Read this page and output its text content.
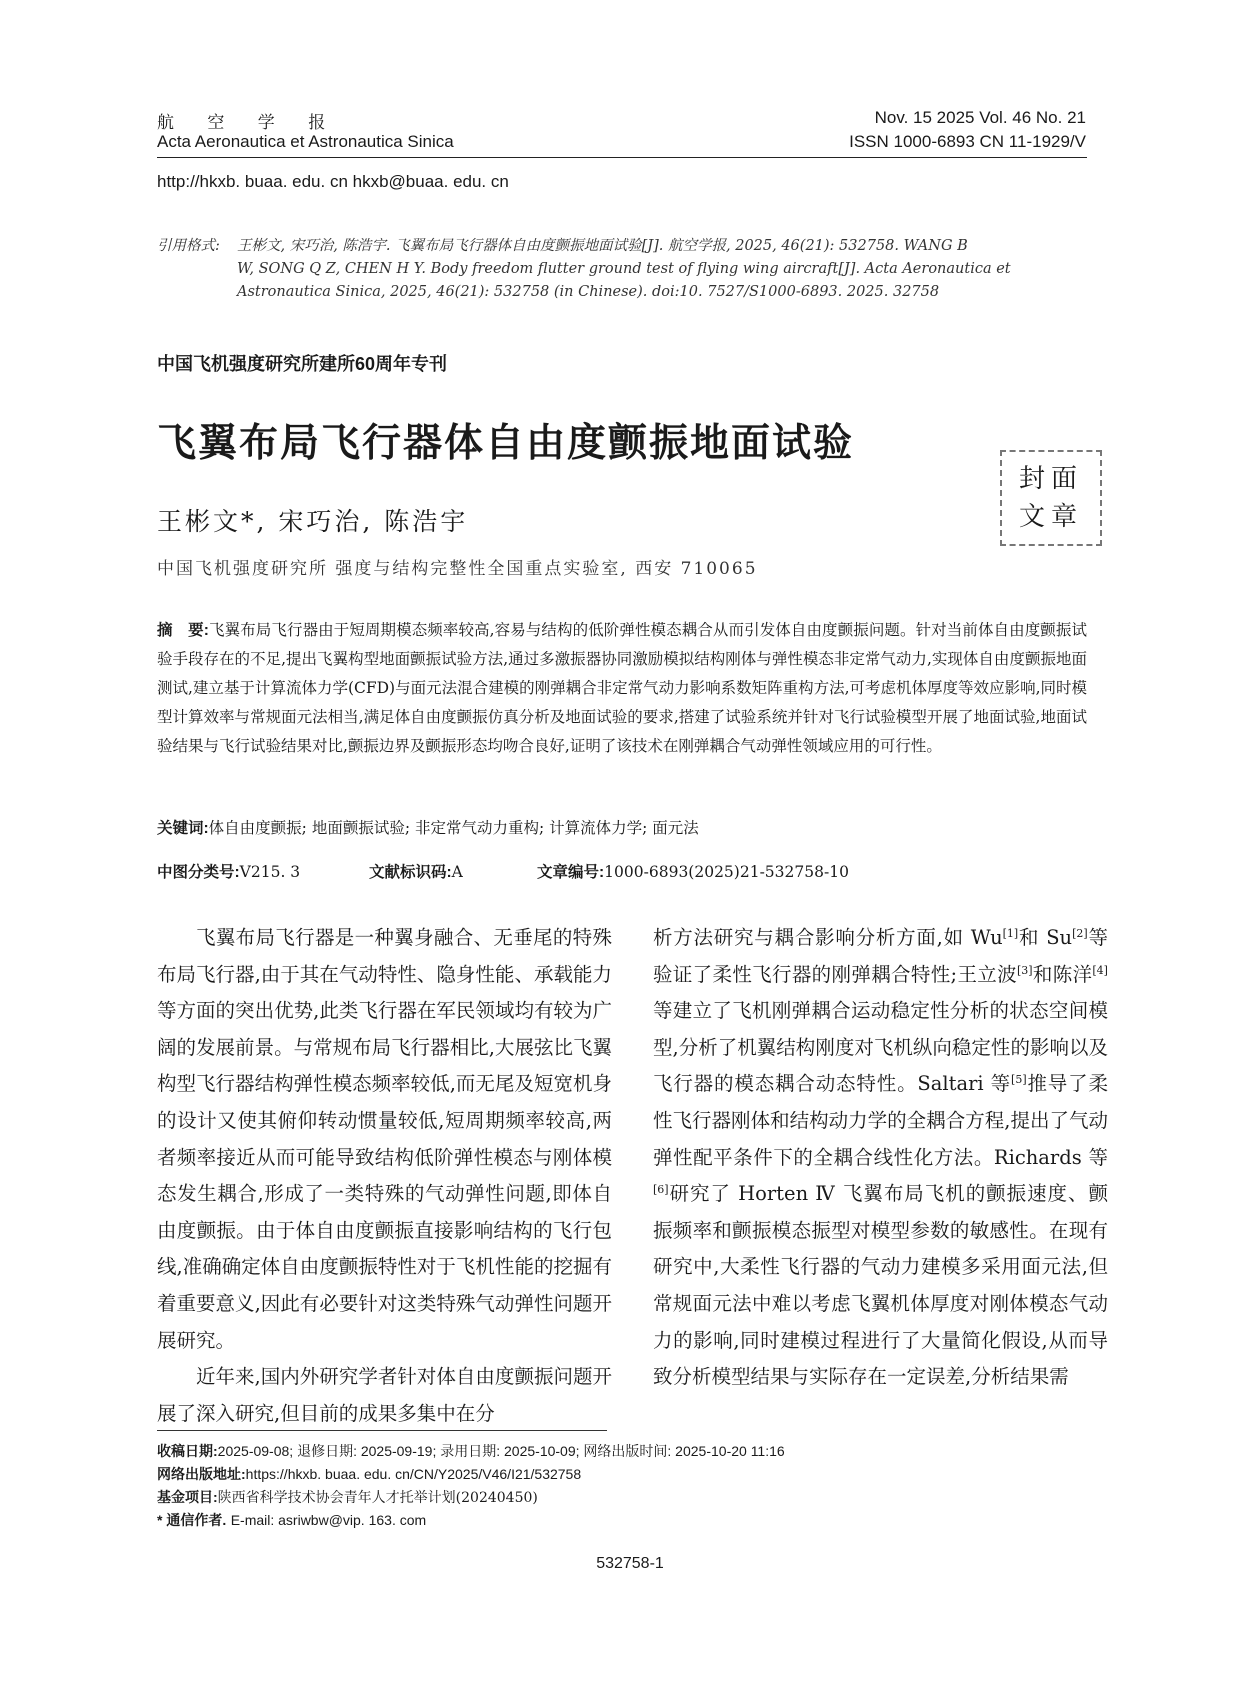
航 空 学 报
Acta Aeronautica et Astronautica Sinica
Nov. 15 2025 Vol. 46 No. 21
ISSN 1000-6893 CN 11-1929/V
http://hkxb. buaa. edu. cn hkxb@buaa. edu. cn
引用格式: 王彬文, 宋巧治, 陈浩宇. 飞翼布局飞行器体自由度颤振地面试验[J]. 航空学报, 2025, 46(21): 532758. WANG B
W, SONG Q Z, CHEN H Y. Body freedom flutter ground test of flying wing aircraft[J]. Acta Aeronautica et
Astronautica Sinica, 2025, 46(21): 532758 (in Chinese). doi:10. 7527/S1000-6893. 2025. 32758
中国飞机强度研究所建所60周年专刊
飞翼布局飞行器体自由度颤振地面试验
王彬文*, 宋巧治, 陈浩宇
中国飞机强度研究所 强度与结构完整性全国重点实验室, 西安 710065
封面
文章
摘　要:飞翼布局飞行器由于短周期模态频率较高,容易与结构的低阶弹性模态耦合从而引发体自由度颤振问题。针对当前体自由度颤振试验手段存在的不足,提出飞翼构型地面颤振试验方法,通过多激振器协同激励模拟结构刚体与弹性模态非定常气动力,实现体自由度颤振地面测试,建立基于计算流体力学(CFD)与面元法混合建模的刚弹耦合非定常气动力影响系数矩阵重构方法,可考虑机体厚度等效应影响,同时模型计算效率与常规面元法相当,满足体自由度颤振仿真分析及地面试验的要求,搭建了试验系统并针对飞行试验模型开展了地面试验,地面试验结果与飞行试验结果对比,颤振边界及颤振形态均吻合良好,证明了该技术在刚弹耦合气动弹性领域应用的可行性。
关键词:体自由度颤振; 地面颤振试验; 非定常气动力重构; 计算流体力学; 面元法
中图分类号:V215. 3	文献标识码:A	文章编号:1000-6893(2025)21-532758-10

飞翼布局飞行器是一种翼身融合、无垂尾的特殊布局飞行器,由于其在气动特性、隐身性能、承载能力等方面的突出优势,此类飞行器在军民领域均有较为广阔的发展前景。与常规布局飞行器相比,大展弦比飞翼构型飞行器结构弹性模态频率较低,而无尾及短宽机身的设计又使其俯仰转动惯量较低,短周期频率较高,两者频率接近从而可能导致结构低阶弹性模态与刚体模态发生耦合,形成了一类特殊的气动弹性问题,即体自由度颤振。由于体自由度颤振直接影响结构的飞行包线,准确确定体自由度颤振特性对于飞机性能的挖掘有着重要意义,因此有必要针对这类特殊气动弹性问题开展研究。

近年来,国内外研究学者针对体自由度颤振问题开展了深入研究,但目前的成果多集中在分

析方法研究与耦合影响分析方面,如 Wu[1]和 Su[2]等验证了柔性飞行器的刚弹耦合特性;王立波[3]和陈洋[4]等建立了飞机刚弹耦合运动稳定性分析的状态空间模型,分析了机翼结构刚度对飞机纵向稳定性的影响以及飞行器的模态耦合动态特性。Saltari 等[5]推导了柔性飞行器刚体和结构动力学的全耦合方程,提出了气动弹性配平条件下的全耦合线性化方法。Richards 等[6]研究了 Horten Ⅳ 飞翼布局飞机的颤振速度、颤振频率和颤振模态振型对模型参数的敏感性。在现有研究中,大柔性飞行器的气动力建模多采用面元法,但常规面元法中难以考虑飞翼机体厚度对刚体模态气动力的影响,同时建模过程进行了大量简化假设,从而导致分析模型结果与实际存在一定误差,分析结果需

收稿日期:2025-09-08; 退修日期: 2025-09-19; 录用日期: 2025-10-09; 网络出版时间: 2025-10-20 11:16
网络出版地址:https://hkxb. buaa. edu. cn/CN/Y2025/V46/I21/532758
基金项目:陕西省科学技术协会青年人才托举计划(20240450)
* 通信作者. E-mail: asriwbw@vip. 163. com
532758-1
